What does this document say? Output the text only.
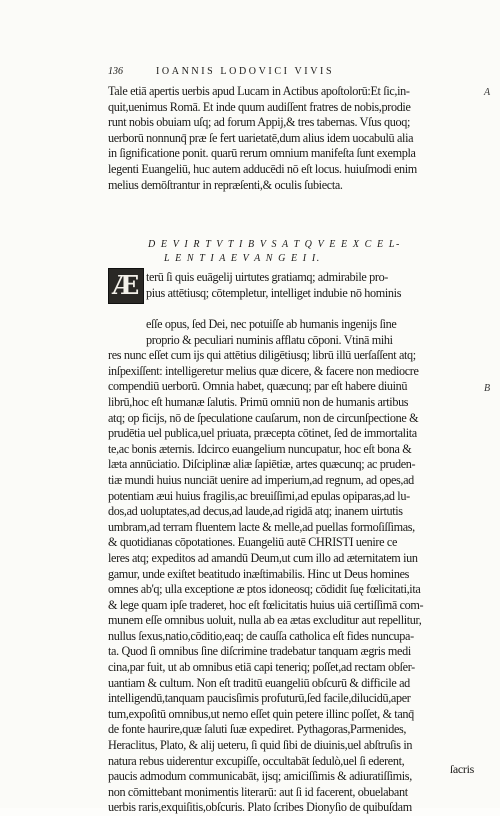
136	IOANNIS LODOVICI VIVIS
A
B
Tale etiā apertis uerbis apud Lucam in Actibus apoſtolorū:Et ſic,in-
quit,uenimus Romā. Et inde quum audiſſent fratres de nobis,prodie
runt nobis obuiam uſq; ad forum Appij,& tres tabernas. Vſus quoq;
uerborū nonnunq̄ præ ſe fert uarietatē,dum alius idem uocabulū alia
in ſignificatione ponit. quarū rerum omnium manifeſta ſunt exempla
legenti Euangeliū, huc autem adducēdi nō eſt locus. huiuſmodi enim
melius demōſtrantur in repræſenti,& oculis ſubiecta.
D E V I R T V T I B V S A T Q V E E X C E L-
L E N T I A E V A N G E I I.
Æ terū ſi quis euāgelij uirtutes gratiamq; admirabile pro-
pius attētiusq; cōtempletur, intelliget indubie nō hominis
eſſe opus, ſed Dei, nec potuiſſe ab humanis ingenijs ſine
proprio & peculiari numinis afflatu cōponi. Vtinā mihi
res nunc eſſet cum ijs qui attētius diligētiusq; librū illū uerſaſſent atq;
inſpexiſſent: intelligeretur melius quæ dicere, & facere non mediocre
compendiū uerborū. Omnia habet, quæcunq; par eſt habere diuinū
librū,hoc eſt humanæ ſalutis. Primū omniū non de humanis artibus
atq; op ficijs, nō de ſpeculatione cauſarum, non de circunſpectione &
prudētia uel publica,uel priuata, præcepta cōtinet, ſed de immortalita
te,ac bonis æternis. Idcirco euangelium nuncupatur, hoc eſt bona &
læta annūciatio. Diſciplinæ aliæ ſapiētiæ, artes quæcunq; ac pruden-
tiæ mundi huius nunciāt uenire ad imperium,ad regnum, ad opes,ad
potentiam æui huius fragilis,ac breuiſſimi,ad epulas opiparas,ad lu-
dos,ad uoluptates,ad decus,ad laude,ad rigidā atq; inanem uirtutis
umbram,ad terram fluentem lacte & melle,ad puellas formoſiſſimas,
& quotidianas cōpotationes. Euangeliū autē CHRISTI uenire ce
leres atq; expeditos ad amandū Deum,ut cum illo ad æternitatem iun
gamur, unde exiſtet beatitudo inæſtimabilis. Hinc ut Deus homines
omnes ab'q; ulla exceptione æ ptos idoneosq; cōdidit ſuę fœlicitati,ita
& lege quam ipſe traderet, hoc eſt fœlicitatis huius uiā certiſſimā com-
munem eſſe omnibus uoluit, nulla ab ea ætas excluditur aut repellitur,
nullus ſexus,natio,cōditio,eaq; de cauſſa catholica eſt fides nuncupa-
ta. Quod ſi omnibus ſine diſcrimine tradebatur tanquam ægris medi
cina,par fuit, ut ab omnibus etiā capi teneriq; poſſet,ad rectam obſer-
uantiam & cultum. Non eſt traditū euangeliū obſcurū & difficile ad
intelligendū,tanquam paucisſimis profuturū,ſed facile,dilucidū,aper
tum,expoſitū omnibus,ut nemo eſſet quin petere illinc poſſet, & tanq̄
de fonte haurire,quæ ſaluti ſuæ expediret. Pythagoras,Parmenides,
Heraclitus, Plato, & alij ueteru, ſi quid ſibi de diuinis,uel abſtruſis in
natura rebus uiderentur excupiſſe, occultabāt ſedulò,uel ſi ederent,
paucis admodum communicabāt, ijsq; amiciſſimis & adiuratiſſimis,
non cōmittebant monimentis literarū: aut ſi id facerent, obuelabant
uerbis raris,exquiſitis,obſcuris. Plato ſcribes Dionyſio de quibuſdam
ſacris
